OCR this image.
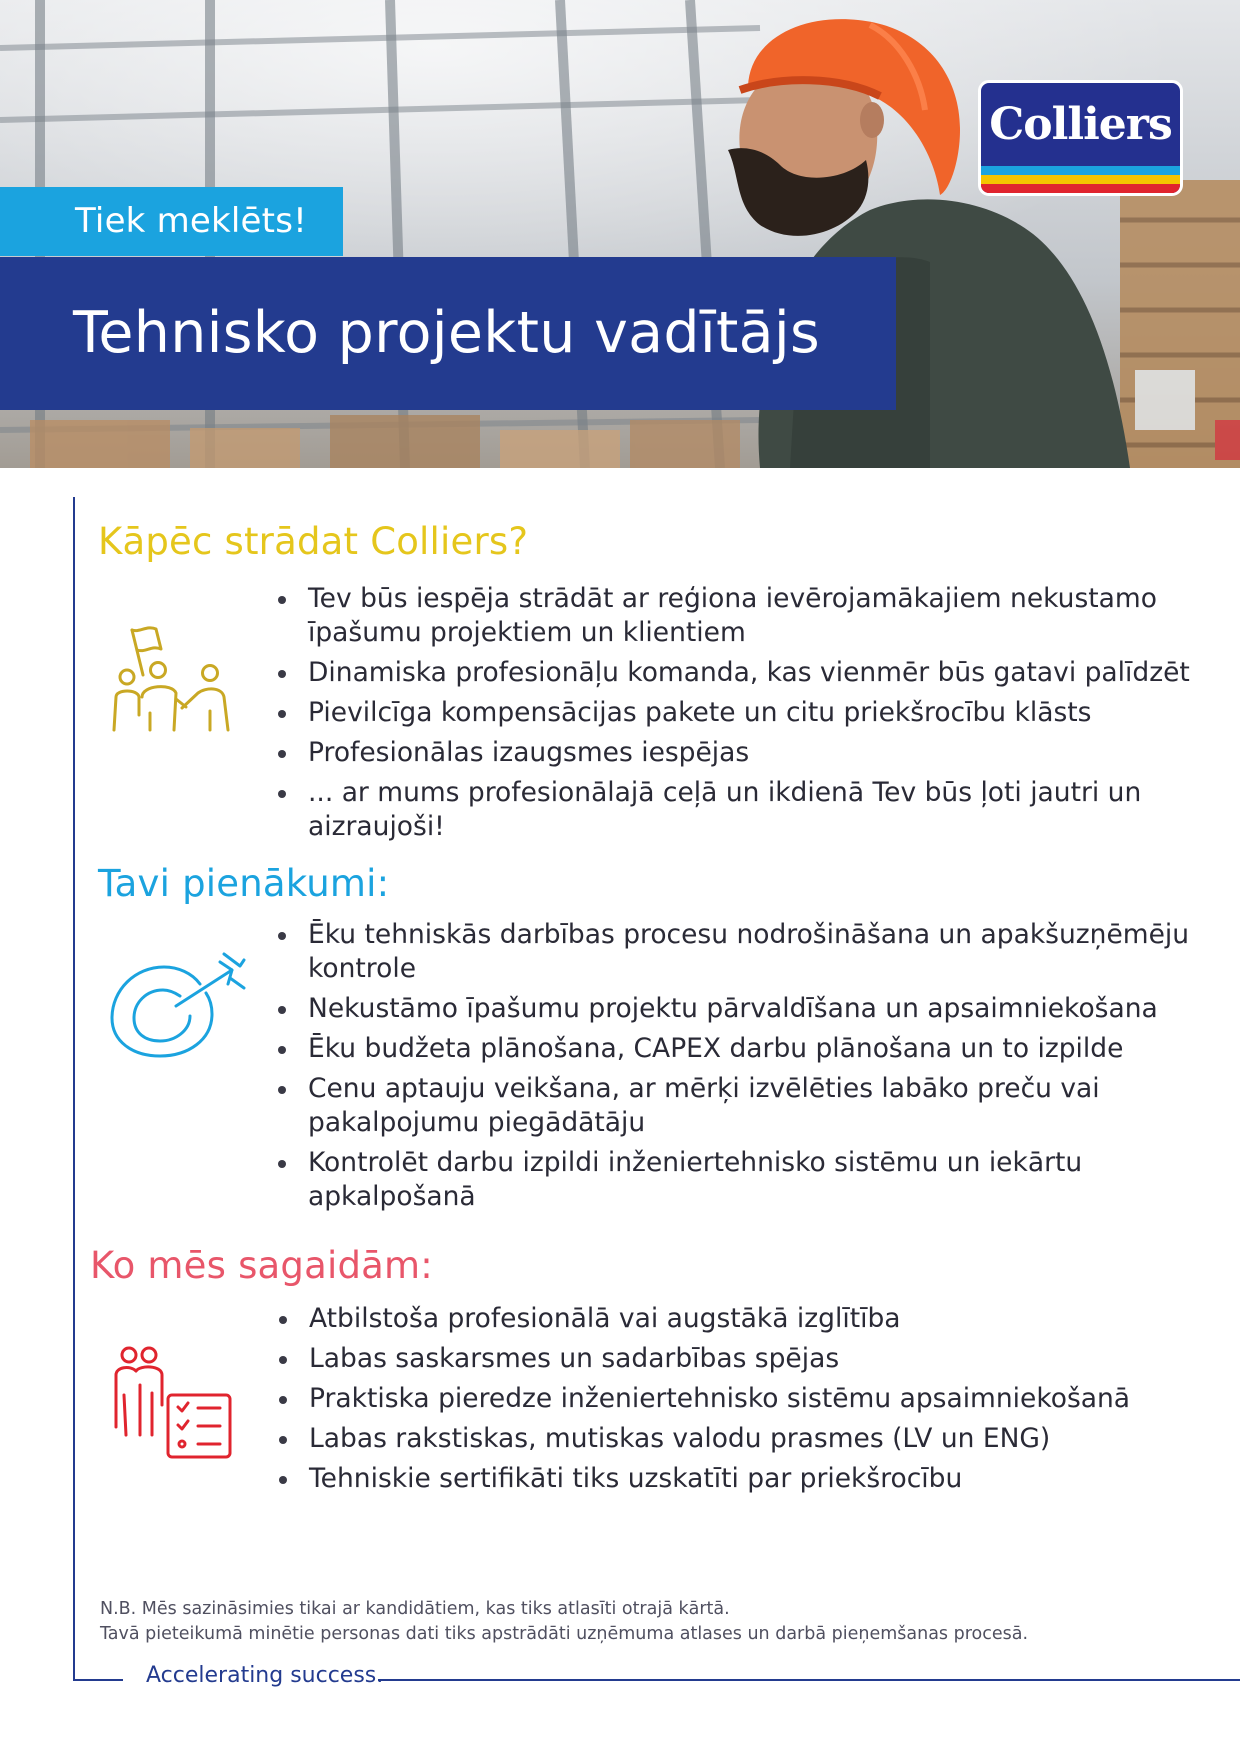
Tiek meklēts!
Tehnisko projektu vadītājs
Colliers
Kāpēc strādat Colliers?
Tev būs iespēja strādāt ar reģiona ievērojamākajiem nekustamo īpašumu projektiem un klientiem
Dinamiska profesionāļu komanda, kas vienmēr būs gatavi palīdzēt
Pievilcīga kompensācijas pakete un citu priekšrocību klāsts
Profesionālas izaugsmes iespējas
... ar mums profesionālajā ceļā un ikdienā Tev būs ļoti jautri un aizraujoši!
Tavi pienākumi:
Ēku tehniskās darbības procesu nodrošināšana un apakšuzņēmēju kontrole
Nekustāmo īpašumu projektu pārvaldīšana un apsaimniekošana
Ēku budžeta plānošana, CAPEX darbu plānošana un to izpilde
Cenu aptauju veikšana, ar mērķi izvēlēties labāko preču vai pakalpojumu piegādātāju
Kontrolēt darbu izpildi inženiertehnisko sistēmu un iekārtu apkalpošanā
Ko mēs sagaidām:
Atbilstoša profesionālā vai augstākā izglītība
Labas saskarsmes un sadarbības spējas
Praktiska pieredze inženiertehnisko sistēmu apsaimniekošanā
Labas rakstiskas, mutiskas valodu prasmes (LV un ENG)
Tehniskie sertifikāti tiks uzskatīti par priekšrocību
N.B. Mēs sazināsimies tikai ar kandidātiem, kas tiks atlasīti otrajā kārtā.
Tavā pieteikumā minētie personas dati tiks apstrādāti uzņēmuma atlases un darbā pieņemšanas procesā.
Accelerating success.
